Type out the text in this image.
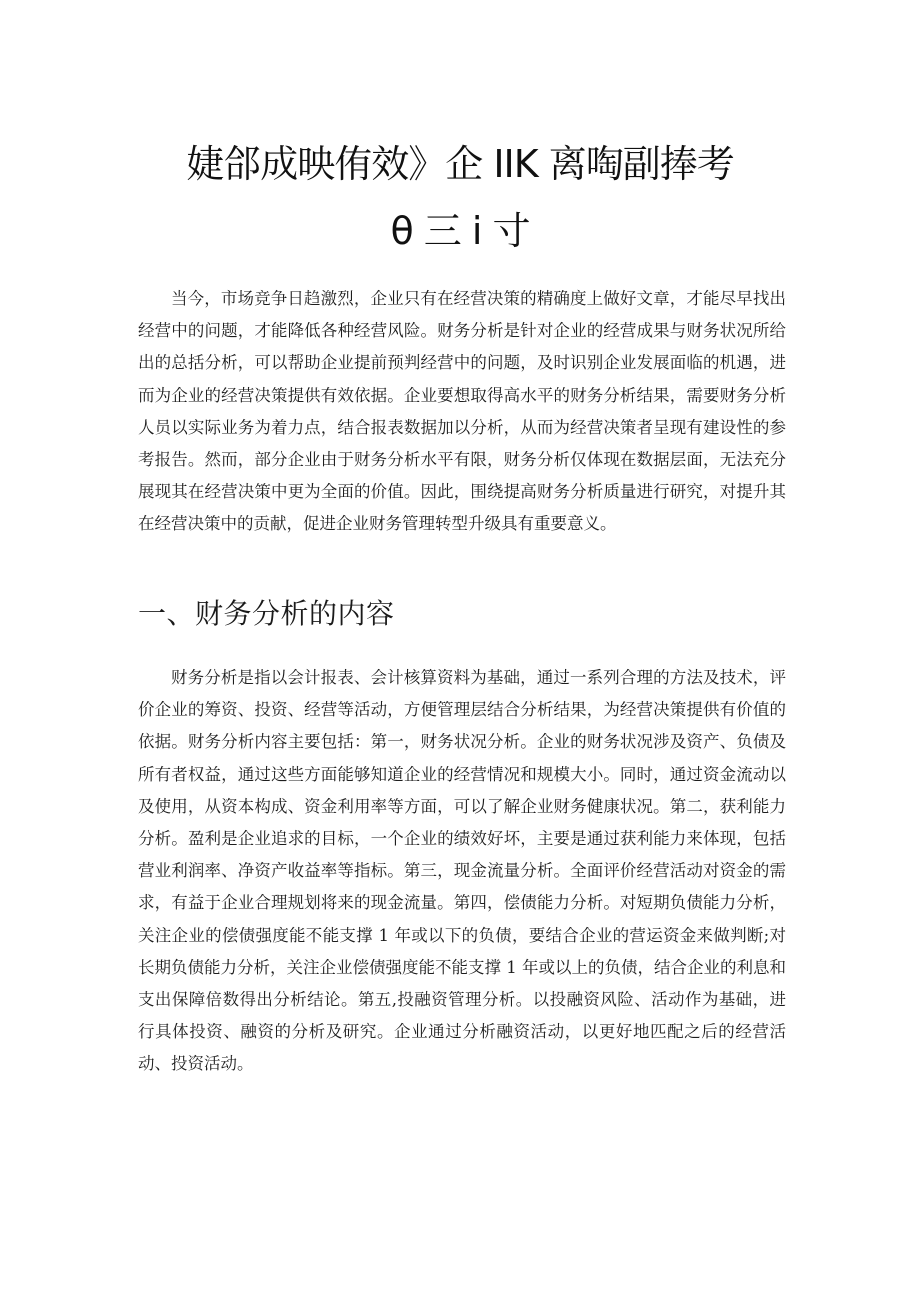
婕郃成映侑效》企 IIK 离啕副捧考
θ 三 i 寸

当今，市场竞争日趋激烈，企业只有在经营决策的精确度上做好文章，才能尽早找出经营中的问题，才能降低各种经营风险。财务分析是针对企业的经营成果与财务状况所给出的总括分析，可以帮助企业提前预判经营中的问题，及时识别企业发展面临的机遇，进而为企业的经营决策提供有效依据。企业要想取得高水平的财务分析结果，需要财务分析人员以实际业务为着力点，结合报表数据加以分析，从而为经营决策者呈现有建设性的参考报告。然而，部分企业由于财务分析水平有限，财务分析仅体现在数据层面，无法充分展现其在经营决策中更为全面的价值。因此，围绕提高财务分析质量进行研究，对提升其在经营决策中的贡献，促进企业财务管理转型升级具有重要意义。

一、财务分析的内容

财务分析是指以会计报表、会计核算资料为基础，通过一系列合理的方法及技术，评价企业的筹资、投资、经营等活动，方便管理层结合分析结果，为经营决策提供有价值的依据。财务分析内容主要包括：第一，财务状况分析。企业的财务状况涉及资产、负债及所有者权益，通过这些方面能够知道企业的经营情况和规模大小。同时，通过资金流动以及使用，从资本构成、资金利用率等方面，可以了解企业财务健康状况。第二，获利能力分析。盈利是企业追求的目标，一个企业的绩效好坏，主要是通过获利能力来体现，包括营业利润率、净资产收益率等指标。第三，现金流量分析。全面评价经营活动对资金的需求，有益于企业合理规划将来的现金流量。第四，偿债能力分析。对短期负债能力分析，关注企业的偿债强度能不能支撑 1 年或以下的负债，要结合企业的营运资金来做判断;对长期负债能力分析，关注企业偿债强度能不能支撑 1 年或以上的负债，结合企业的利息和支出保障倍数得出分析结论。第五,投融资管理分析。以投融资风险、活动作为基础，进行具体投资、融资的分析及研究。企业通过分析融资活动，以更好地匹配之后的经营活动、投资活动。
